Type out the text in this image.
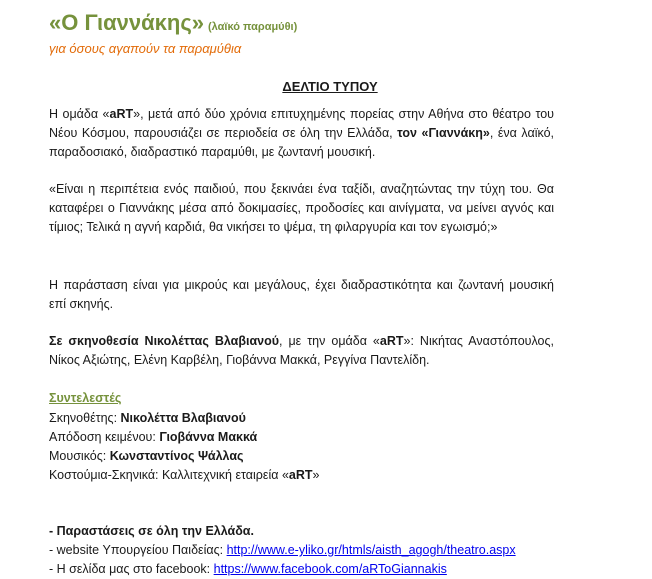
«Ο Γιαννάκης» (λαϊκό παραμύθι)
για όσους αγαπούν τα παραμύθια
ΔΕΛΤΙΟ ΤΥΠΟΥ

Η ομάδα «aRT», μετά από δύο χρόνια επιτυχημένης πορείας στην Αθήνα στο θέατρο του Νέου Κόσμου, παρουσιάζει σε περιοδεία σε όλη την Ελλάδα, τον «Γιαννάκη», ένα λαϊκό, παραδοσιακό, διαδραστικό παραμύθι, με ζωντανή μουσική.

«Είναι η περιπέτεια ενός παιδιού, που ξεκινάει ένα ταξίδι, αναζητώντας την τύχη του. Θα καταφέρει ο Γιαννάκης μέσα από δοκιμασίες, προδοσίες και αινίγματα, να μείνει αγνός και τίμιος; Τελικά η αγνή καρδιά, θα νικήσει το ψέμα, τη φιλαργυρία και τον εγωισμό;»

Η παράσταση είναι για μικρούς και μεγάλους, έχει διαδραστικότητα και ζωντανή μουσική επί σκηνής.

Σε σκηνοθεσία Νικολέττας Βλαβιανού, με την ομάδα «aRT»: Νικήτας Αναστόπουλος, Νίκος Αξιώτης, Ελένη Καρβέλη, Γιοβάννα Μακκά, Ρεγγίνα Παντελίδη.

Συντελεστές
Σκηνοθέτης: Νικολέττα Βλαβιανού
Απόδοση κειμένου: Γιοβάννα Μακκά
Μουσικός: Κωνσταντίνος Ψάλλας
Κοστούμια-Σκηνικά: Καλλιτεχνική εταιρεία «aRT»
- Παραστάσεις σε όλη την Ελλάδα.
- website Υπουργείου Παιδείας: http://www.e-yliko.gr/htmls/aisth_agogh/theatro.aspx
- Η σελίδα μας στο facebook: https://www.facebook.com/aRToGiannakis
